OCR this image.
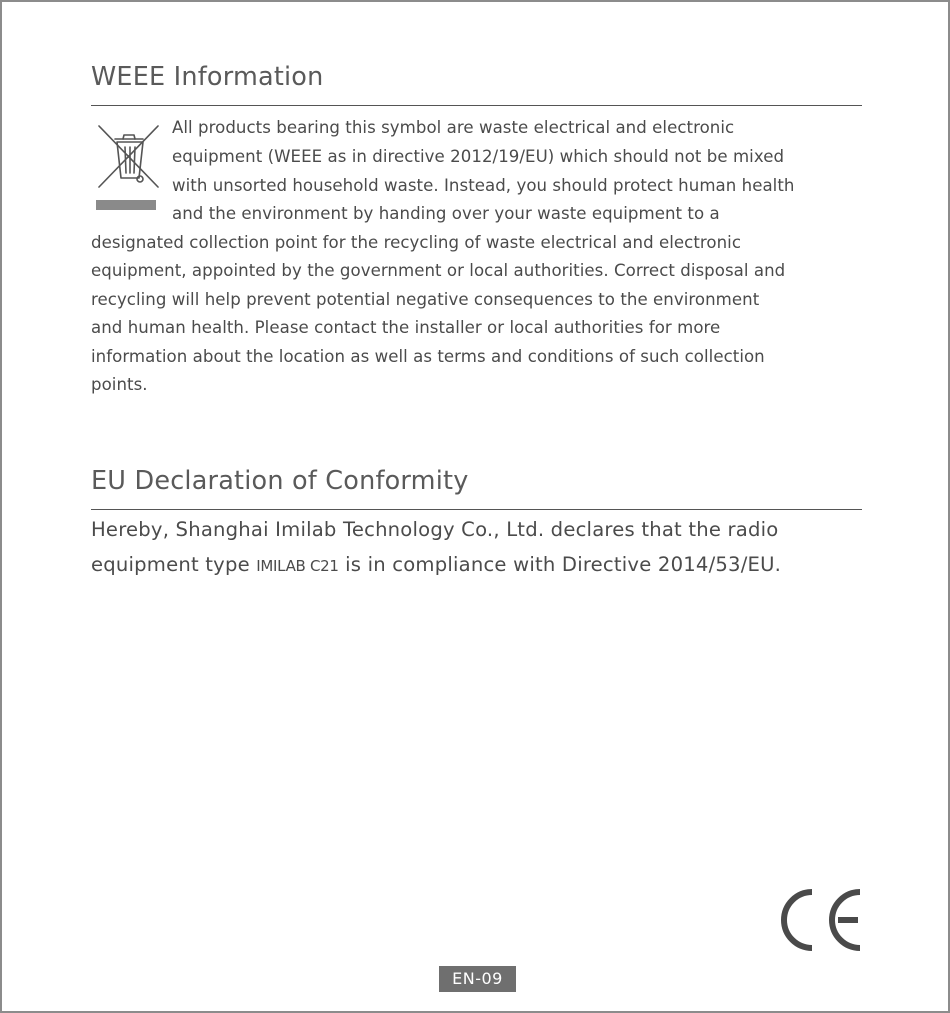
WEEE Information
All products bearing this symbol are waste electrical and electronic
equipment (WEEE as in directive 2012/19/EU) which should not be mixed
with unsorted household waste. Instead, you should protect human health
and the environment by handing over your waste equipment to a
designated collection point for the recycling of waste electrical and electronic
equipment, appointed by the government or local authorities. Correct disposal and
recycling will help prevent potential negative consequences to the environment
and human health. Please contact the installer or local authorities for more
information about the location as well as terms and conditions of such collection
points.
EU Declaration of Conformity
Hereby, Shanghai Imilab Technology Co., Ltd. declares that the radio
equipment type IMILAB C21 is in compliance with Directive 2014/53/EU.
EN-09
